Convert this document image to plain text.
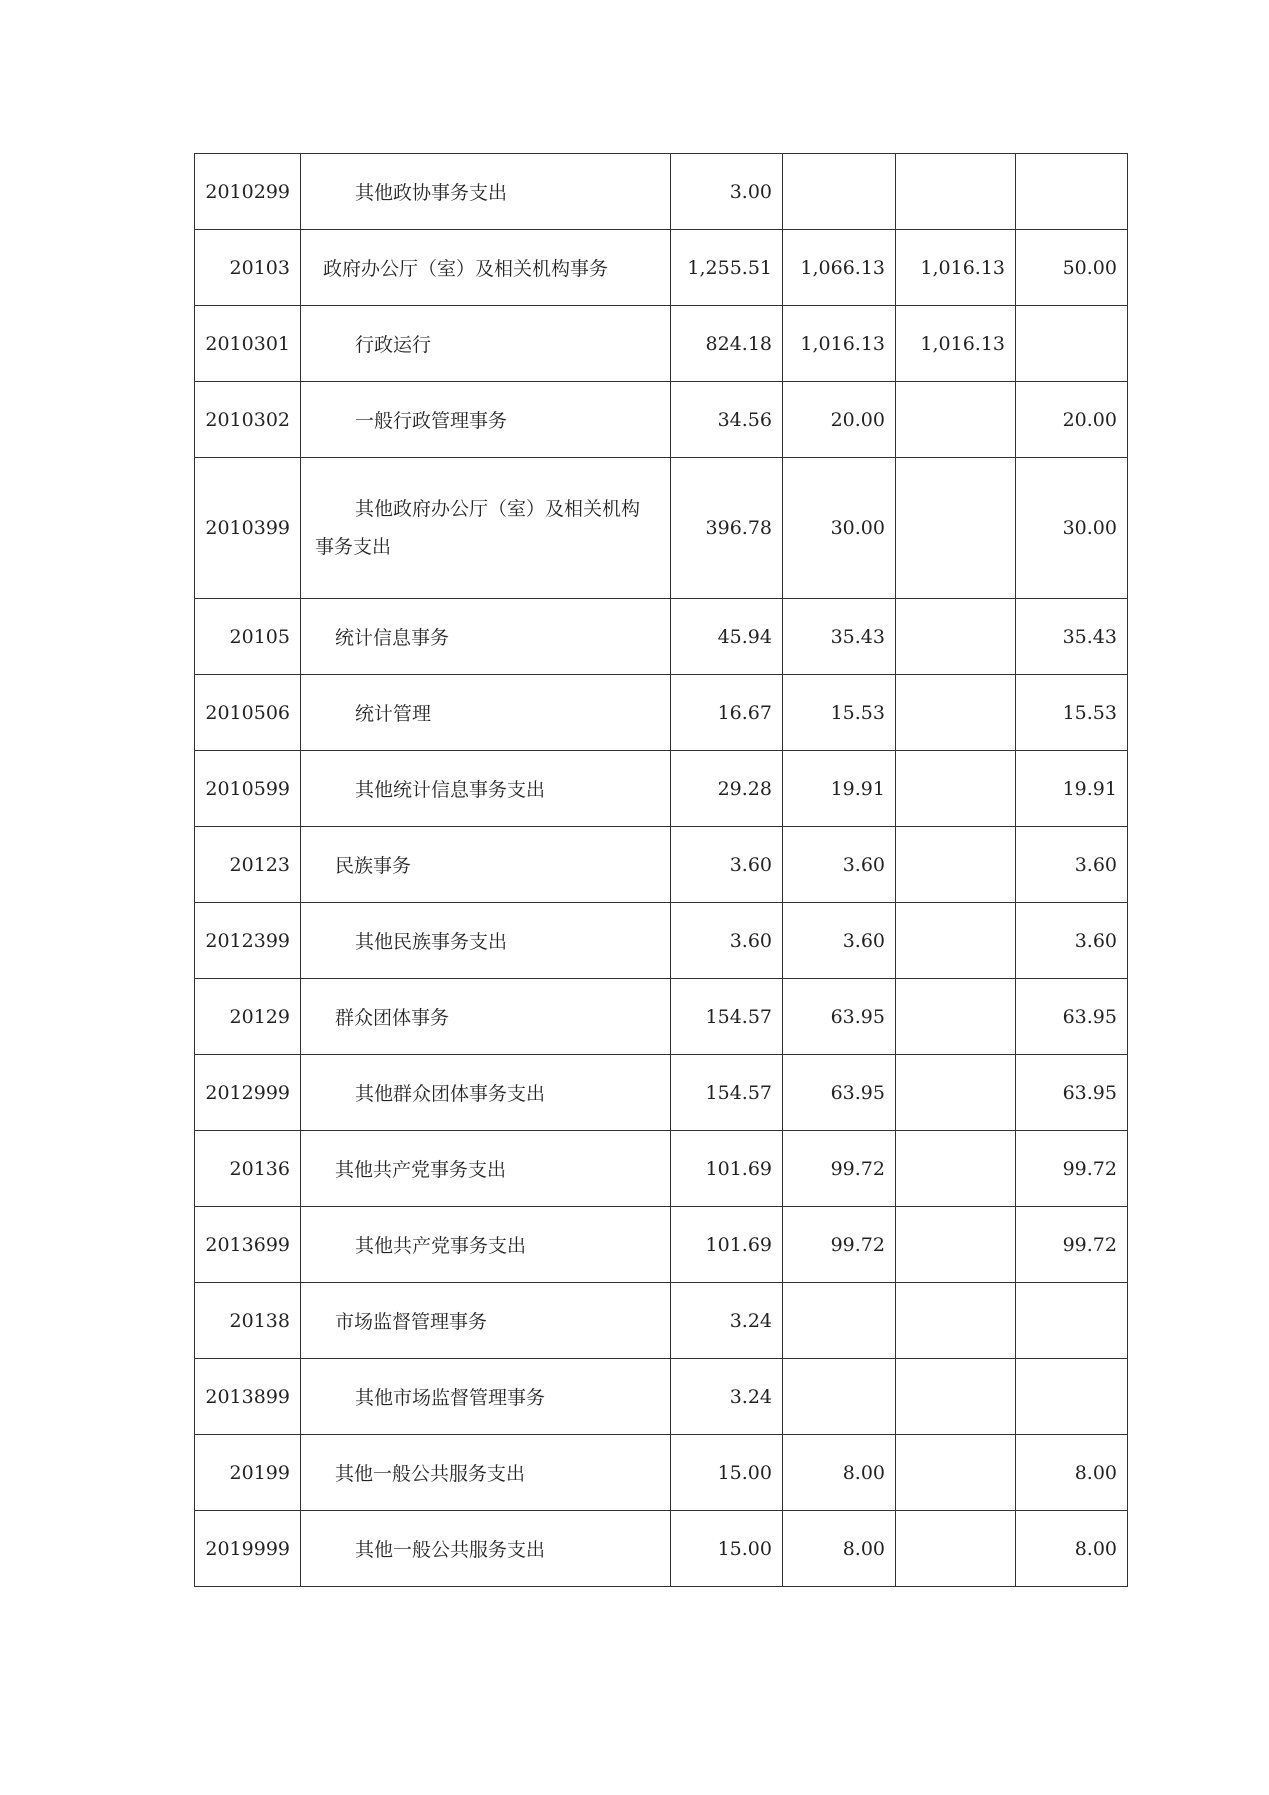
2010299	其他政协事务支出	3.00			
20103	政府办公厅（室）及相关机构事务	1,255.51	1,066.13	1,016.13	50.00
2010301	行政运行	824.18	1,016.13	1,016.13	
2010302	一般行政管理事务	34.56	20.00		20.00
2010399	其他政府办公厅（室）及相关机构事务支出	396.78	30.00		30.00
20105	统计信息事务	45.94	35.43		35.43
2010506	统计管理	16.67	15.53		15.53
2010599	其他统计信息事务支出	29.28	19.91		19.91
20123	民族事务	3.60	3.60		3.60
2012399	其他民族事务支出	3.60	3.60		3.60
20129	群众团体事务	154.57	63.95		63.95
2012999	其他群众团体事务支出	154.57	63.95		63.95
20136	其他共产党事务支出	101.69	99.72		99.72
2013699	其他共产党事务支出	101.69	99.72		99.72
20138	市场监督管理事务	3.24			
2013899	其他市场监督管理事务	3.24			
20199	其他一般公共服务支出	15.00	8.00		8.00
2019999	其他一般公共服务支出	15.00	8.00		8.00
